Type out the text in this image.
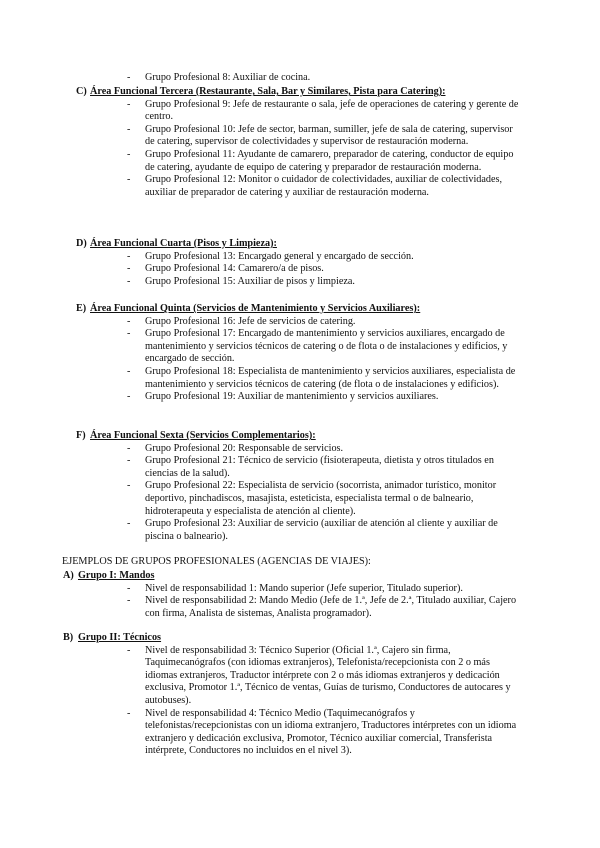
- Grupo Profesional 8: Auxiliar de cocina.
C) Área Funcional Tercera (Restaurante, Sala, Bar y Similares, Pista para Catering):
- Grupo Profesional 9: Jefe de restaurante o sala, jefe de operaciones de catering y gerente de centro.
- Grupo Profesional 10: Jefe de sector, barman, sumiller, jefe de sala de catering, supervisor de catering, supervisor de colectividades y supervisor de restauración moderna.
- Grupo Profesional 11: Ayudante de camarero, preparador de catering, conductor de equipo de catering, ayudante de equipo de catering y preparador de restauración moderna.
- Grupo Profesional 12: Monitor o cuidador de colectividades, auxiliar de colectividades, auxiliar de preparador de catering y auxiliar de restauración moderna.
D) Área Funcional Cuarta (Pisos y Limpieza):
- Grupo Profesional 13: Encargado general y encargado de sección.
- Grupo Profesional 14: Camarero/a de pisos.
- Grupo Profesional 15: Auxiliar de pisos y limpieza.
E) Área Funcional Quinta (Servicios de Mantenimiento y Servicios Auxiliares):
- Grupo Profesional 16: Jefe de servicios de catering.
- Grupo Profesional 17: Encargado de mantenimiento y servicios auxiliares, encargado de mantenimiento y servicios técnicos de catering o de flota o de instalaciones y edificios, y encargado de sección.
- Grupo Profesional 18: Especialista de mantenimiento y servicios auxiliares, especialista de mantenimiento y servicios técnicos de catering (de flota o de instalaciones y edificios).
- Grupo Profesional 19: Auxiliar de mantenimiento y servicios auxiliares.
F) Área Funcional Sexta (Servicios Complementarios):
- Grupo Profesional 20: Responsable de servicios.
- Grupo Profesional 21: Técnico de servicio (fisioterapeuta, dietista y otros titulados en ciencias de la salud).
- Grupo Profesional 22: Especialista de servicio (socorrista, animador turístico, monitor deportivo, pinchadiscos, masajista, esteticista, especialista termal o de balneario, hidroterapeuta y especialista de atención al cliente).
- Grupo Profesional 23: Auxiliar de servicio (auxiliar de atención al cliente y auxiliar de piscina o balneario).
EJEMPLOS DE GRUPOS PROFESIONALES (AGENCIAS DE VIAJES):
A) Grupo I: Mandos
- Nivel de responsabilidad 1: Mando superior (Jefe superior, Titulado superior).
- Nivel de responsabilidad 2: Mando Medio (Jefe de 1.ª, Jefe de 2.ª, Titulado auxiliar, Cajero con firma, Analista de sistemas, Analista programador).
B) Grupo II: Técnicos
- Nivel de responsabilidad 3: Técnico Superior (Oficial 1.ª, Cajero sin firma, Taquimecanógrafos (con idiomas extranjeros), Telefonista/recepcionista con 2 o más idiomas extranjeros, Traductor intérprete con 2 o más idiomas extranjeros y dedicación exclusiva, Promotor 1.ª, Técnico de ventas, Guías de turismo, Conductores de autocares y autobuses).
- Nivel de responsabilidad 4: Técnico Medio (Taquimecanógrafos y telefonistas/recepcionistas con un idioma extranjero, Traductores intérpretes con un idioma extranjero y dedicación exclusiva, Promotor, Técnico auxiliar comercial, Transferista intérprete, Conductores no incluidos en el nivel 3).
